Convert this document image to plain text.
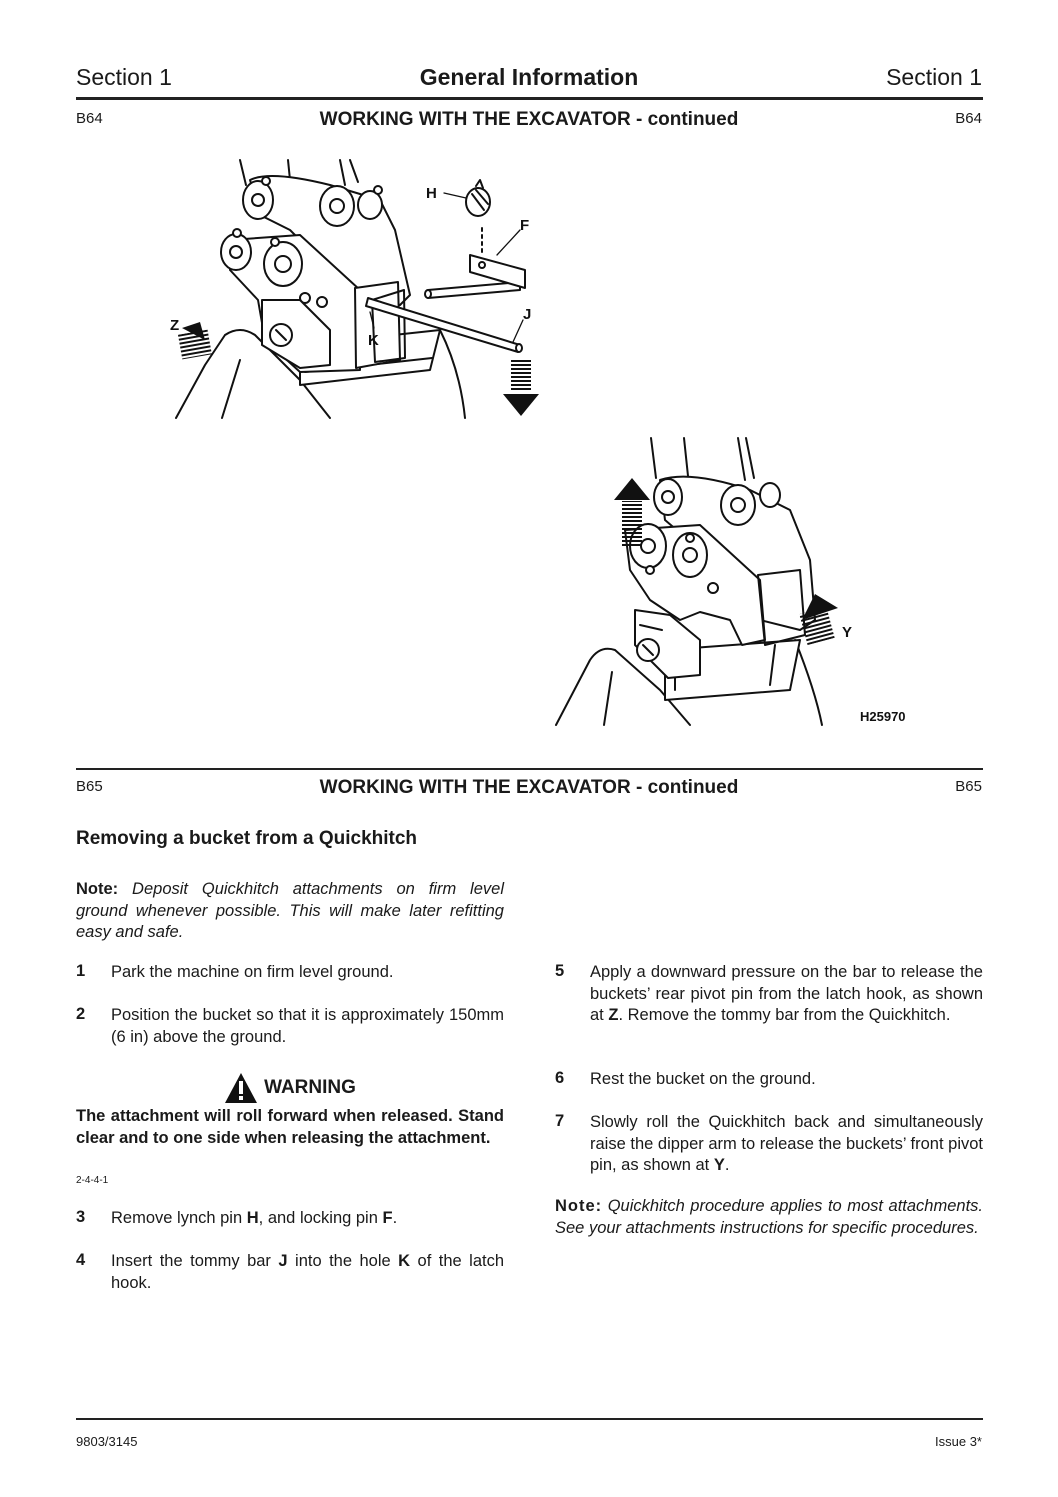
Section 1	General Information	Section 1
B64	WORKING WITH THE EXCAVATOR - continued	B64
H
F
J
Z
K
Y
H25970
B65	WORKING WITH THE EXCAVATOR - continued	B65
Removing a bucket from a Quickhitch
Note: Deposit Quickhitch attachments on firm level ground whenever possible. This will make later refitting easy and safe.
1 Park the machine on firm level ground.
2 Position the bucket so that it is approximately 150mm (6 in) above the ground.
WARNING
The attachment will roll forward when released. Stand clear and to one side when releasing the attachment.
2-4-4-1
3 Remove lynch pin H, and locking pin F.
4 Insert the tommy bar J into the hole K of the latch hook.
5 Apply a downward pressure on the bar to release the buckets’ rear pivot pin from the latch hook, as shown at Z. Remove the tommy bar from the Quickhitch.
6 Rest the bucket on the ground.
7 Slowly roll the Quickhitch back and simultaneously raise the dipper arm to release the buckets’ front pivot pin, as shown at Y.
Note: Quickhitch procedure applies to most attachments. See your attachments instructions for specific procedures.
9803/3145	Issue 3*
